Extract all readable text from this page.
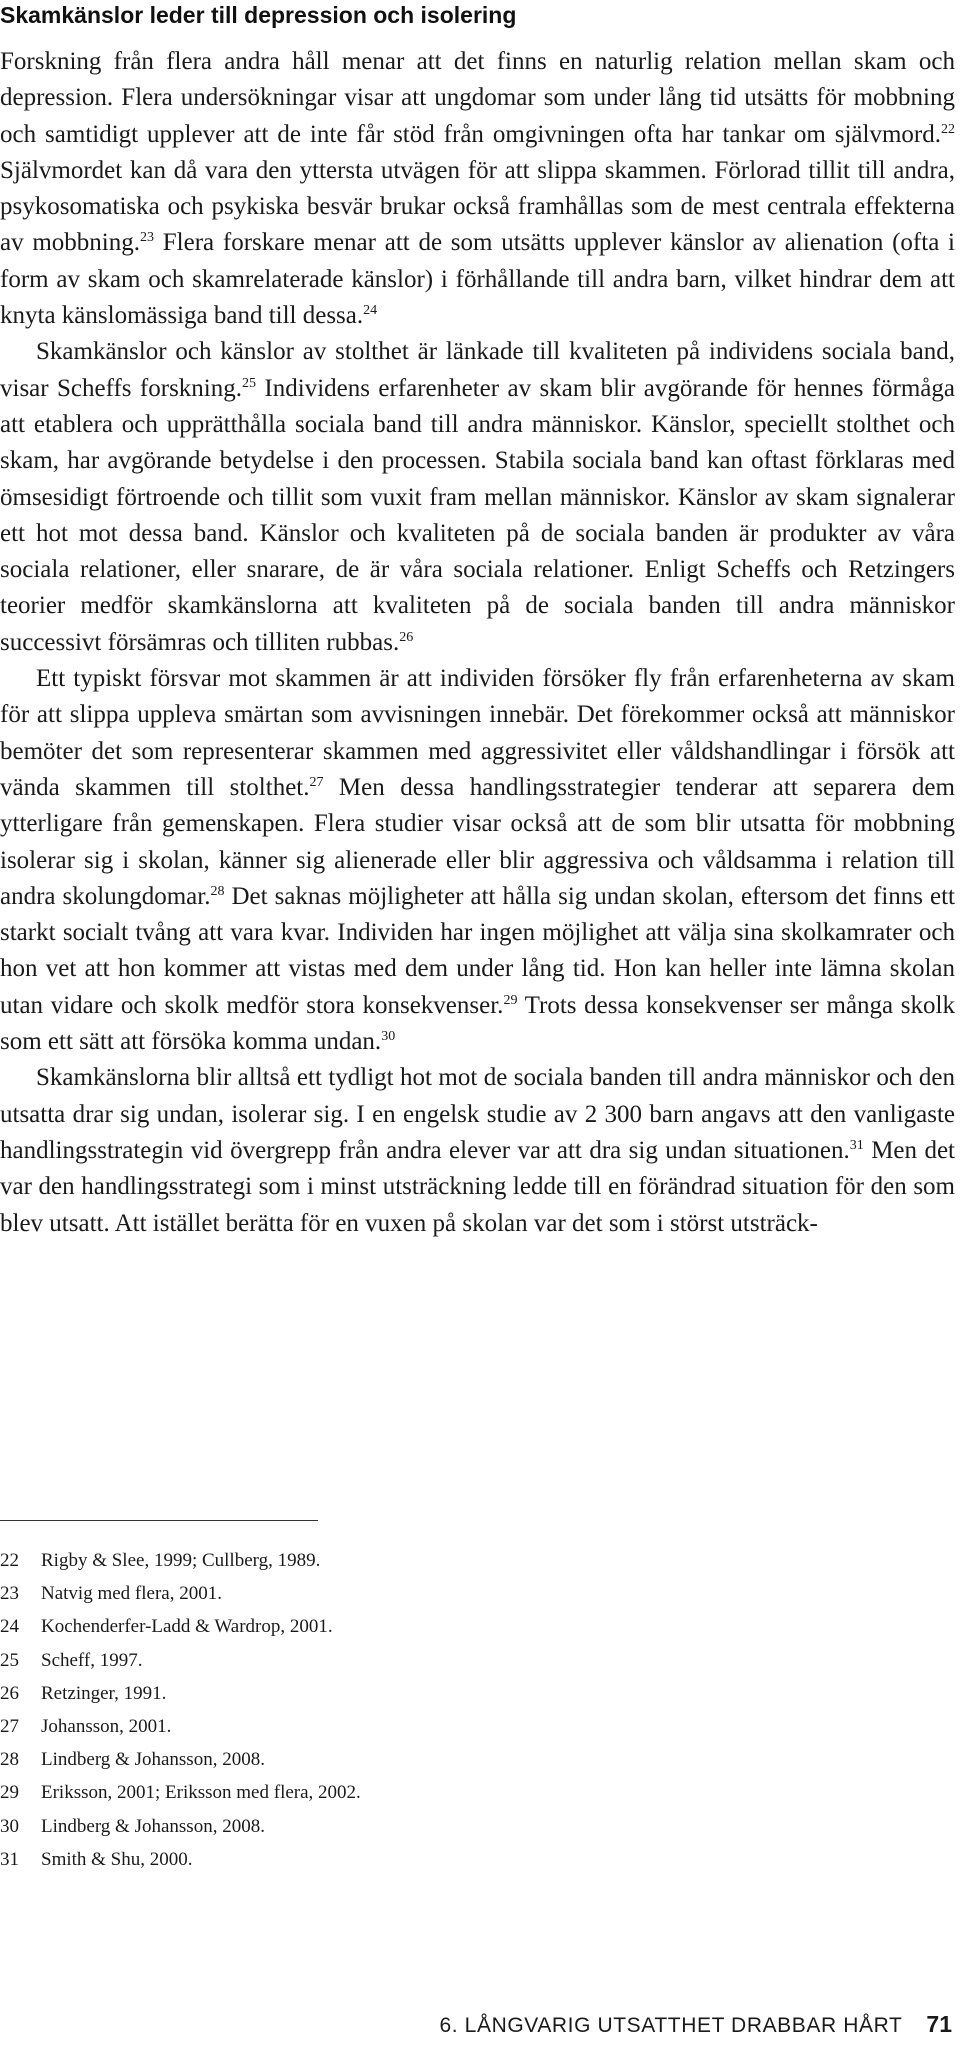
Skamkänslor leder till depression och isolering

Forskning från flera andra håll menar att det finns en naturlig relation mellan skam och depression. Flera undersökningar visar att ungdomar som under lång tid utsätts för mobbning och samtidigt upplever att de inte får stöd från omgivningen ofta har tankar om självmord.$^{22}$ Självmordet kan då vara den yttersta utvägen för att slippa skammen. Förlorad tillit till andra, psykosomatiska och psykiska besvär brukar också framhållas som de mest centrala effekterna av mobbning.$^{23}$ Flera forskare menar att de som utsätts upplever känslor av alienation (ofta i form av skam och skamrelaterade känslor) i förhållande till andra barn, vilket hindrar dem att knyta känslomässiga band till dessa.$^{24}$

Skamkänslor och känslor av stolthet är länkade till kvaliteten på individens sociala band, visar Scheffs forskning.$^{25}$ Individens erfarenheter av skam blir avgörande för hennes förmåga att etablera och upprätthålla sociala band till andra människor. Känslor, speciellt stolthet och skam, har avgörande betydelse i den processen. Stabila sociala band kan oftast förklaras med ömsesidigt förtroende och tillit som vuxit fram mellan människor. Känslor av skam signalerar ett hot mot dessa band. Känslor och kvaliteten på de sociala banden är produkter av våra sociala relationer, eller snarare, de är våra sociala relationer. Enligt Scheffs och Retzingers teorier medför skamkänslorna att kvaliteten på de sociala banden till andra människor successivt försämras och tilliten rubbas.$^{26}$

Ett typiskt försvar mot skammen är att individen försöker fly från erfarenheterna av skam för att slippa uppleva smärtan som avvisningen innebär. Det förekommer också att människor bemöter det som representerar skammen med aggressivitet eller våldshandlingar i försök att vända skammen till stolthet.$^{27}$ Men dessa handlingsstrategier tenderar att separera dem ytterligare från gemenskapen. Flera studier visar också att de som blir utsatta för mobbning isolerar sig i skolan, känner sig alienerade eller blir aggressiva och våldsamma i relation till andra skolungdomar.$^{28}$ Det saknas möjligheter att hålla sig undan skolan, eftersom det finns ett starkt socialt tvång att vara kvar. Individen har ingen möjlighet att välja sina skolkamrater och hon vet att hon kommer att vistas med dem under lång tid. Hon kan heller inte lämna skolan utan vidare och skolk medför stora konsekvenser.$^{29}$ Trots dessa konsekvenser ser många skolk som ett sätt att försöka komma undan.$^{30}$

Skamkänslorna blir alltså ett tydligt hot mot de sociala banden till andra människor och den utsatta drar sig undan, isolerar sig. I en engelsk studie av 2 300 barn angavs att den vanligaste handlingsstrategin vid övergrepp från andra elever var att dra sig undan situationen.$^{31}$ Men det var den handlingsstrategi som i minst utsträckning ledde till en förändrad situation för den som blev utsatt. Att istället berätta för en vuxen på skolan var det som i störst utsträck-

22	Rigby & Slee, 1999; Cullberg, 1989.
23	Natvig med flera, 2001.
24	Kochenderfer-Ladd & Wardrop, 2001.
25	Scheff, 1997.
26	Retzinger, 1991.
27	Johansson, 2001.
28	Lindberg & Johansson, 2008.
29	Eriksson, 2001; Eriksson med flera, 2002.
30	Lindberg & Johansson, 2008.
31	Smith & Shu, 2000.
6. LÅNGVARIG UTSATTHET DRABBAR HÅRT 71
